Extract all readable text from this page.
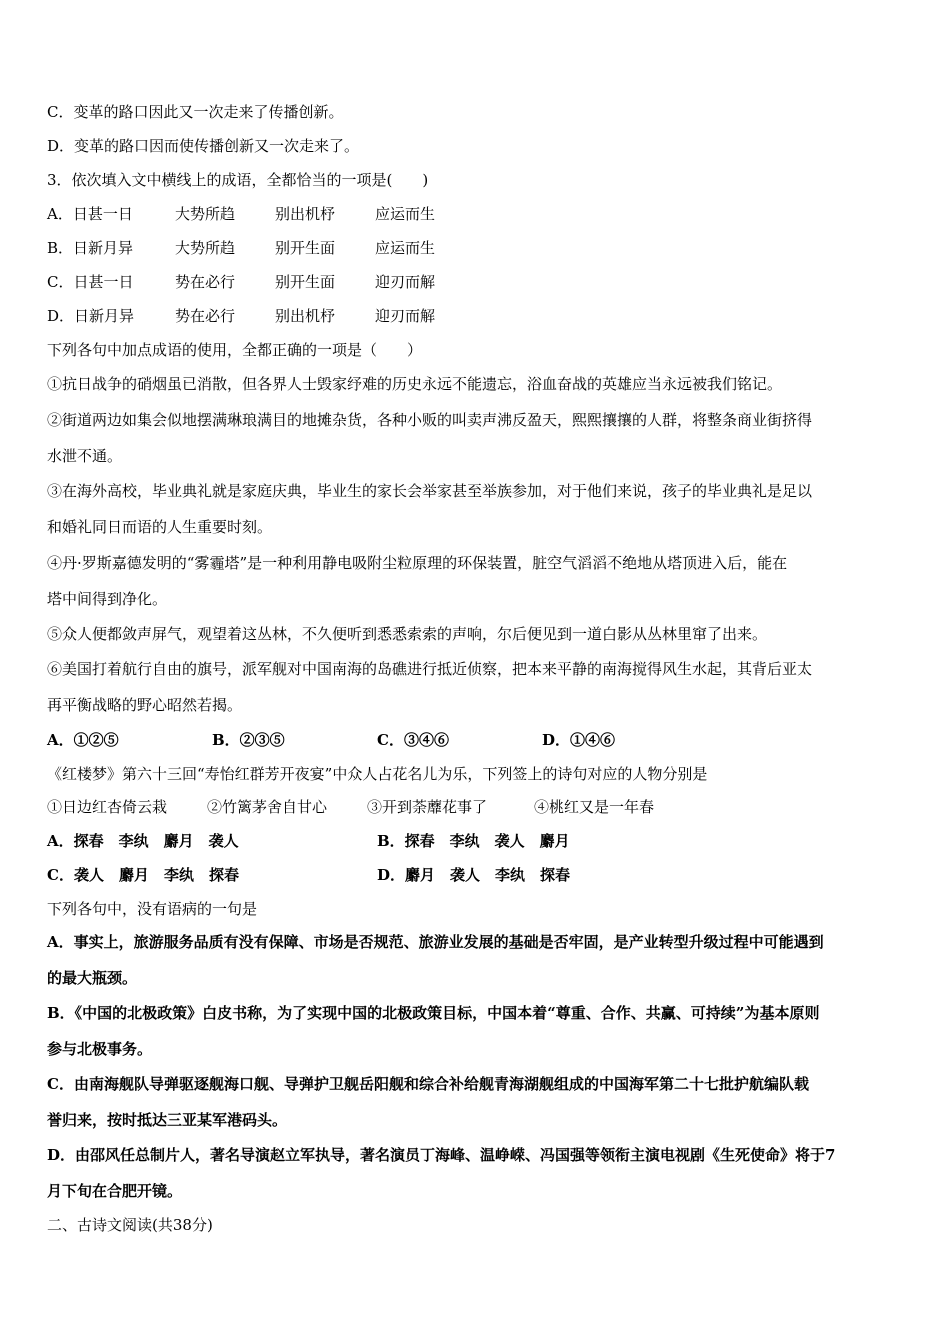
C．变革的路口因此又一次走来了传播创新。
D．变革的路口因而使传播创新又一次走来了。
3．依次填入文中横线上的成语，全都恰当的一项是(　　)
A．日甚一日	大势所趋	别出机杼	应运而生
B．日新月异	大势所趋	别开生面	应运而生
C．日甚一日	势在必行	别开生面	迎刃而解
D．日新月异	势在必行	别出机杼	迎刃而解
下列各句中加点成语的使用，全都正确的一项是（　　）
①抗日战争的硝烟虽已消散，但各界人士毁家纾难的历史永远不能遗忘，浴血奋战的英雄应当永远被我们铭记。
②街道两边如集会似地摆满琳琅满目的地摊杂货，各种小贩的叫卖声沸反盈天，熙熙攘攘的人群，将整条商业街挤得
水泄不通。
③在海外高校，毕业典礼就是家庭庆典，毕业生的家长会举家甚至举族参加，对于他们来说，孩子的毕业典礼是足以
和婚礼同日而语的人生重要时刻。
④丹·罗斯嘉德发明的“雾霾塔”是一种利用静电吸附尘粒原理的环保装置，脏空气滔滔不绝地从塔顶进入后，能在
塔中间得到净化。
⑤众人便都敛声屏气，观望着这丛林，不久便听到悉悉索索的声响，尔后便见到一道白影从丛林里窜了出来。
⑥美国打着航行自由的旗号，派军舰对中国南海的岛礁进行抵近侦察，把本来平静的南海搅得风生水起，其背后亚太
再平衡战略的野心昭然若揭。
A．①②⑤	B．②③⑤	C．③④⑥	D．①④⑥
《红楼梦》第六十三回“寿怡红群芳开夜宴”中众人占花名儿为乐，下列签上的诗句对应的人物分别是
①日边红杏倚云栽	②竹篱茅舍自甘心	③开到荼蘼花事了	④桃红又是一年春
A．探春　李纨　麝月　袭人	B．探春　李纨　袭人　麝月
C．袭人　麝月　李纨　探春	D．麝月　袭人　李纨　探春
下列各句中，没有语病的一句是
A．事实上，旅游服务品质有没有保障、市场是否规范、旅游业发展的基础是否牢固，是产业转型升级过程中可能遇到
的最大瓶颈。
B．《中国的北极政策》白皮书称，为了实现中国的北极政策目标，中国本着“尊重、合作、共赢、可持续”为基本原则
参与北极事务。
C．由南海舰队导弹驱逐舰海口舰、导弹护卫舰岳阳舰和综合补给舰青海湖舰组成的中国海军第二十七批护航编队载
誉归来，按时抵达三亚某军港码头。
D．由邵风任总制片人，著名导演赵立军执导，著名演员丁海峰、温峥嵘、冯国强等领衔主演电视剧《生死使命》将于7
月下旬在合肥开镜。
二、古诗文阅读(共38分)
